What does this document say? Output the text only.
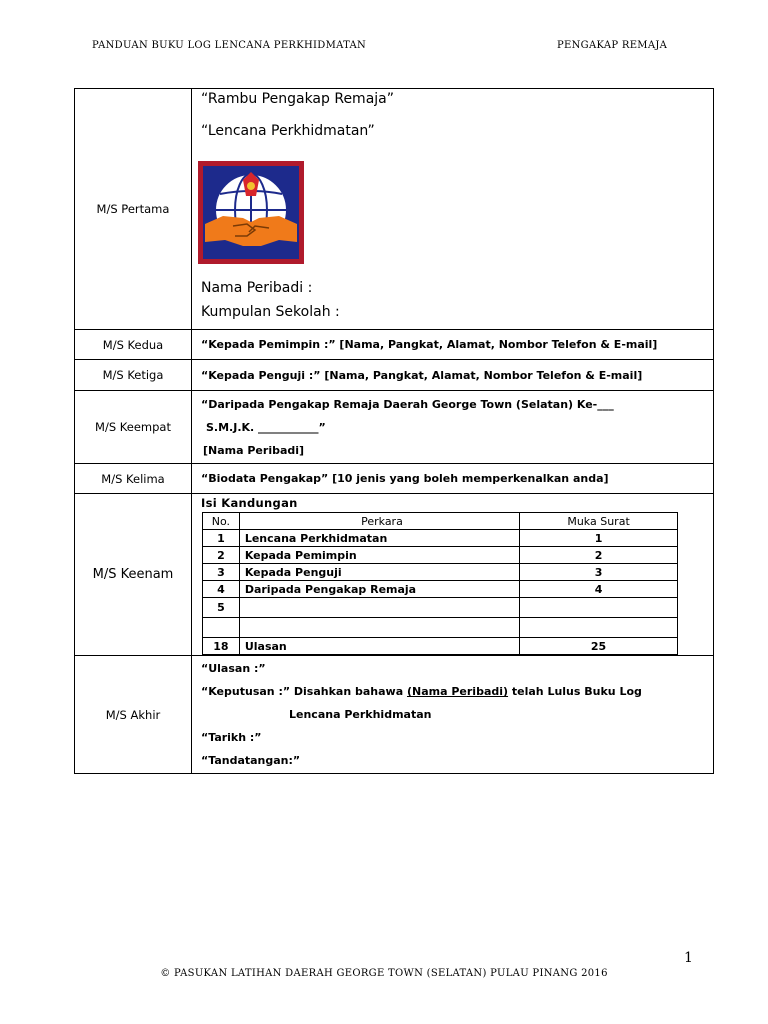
PANDUAN BUKU LOG LENCANA PERKHIDMATAN	PENGAKAP REMAJA
M/S Pertama	
“Rambu Pengakap Remaja”
“Lencana Perkhidmatan”
Nama Peribadi :
Kumpulan Sekolah :

M/S Kedua	“Kepada Pemimpin :” [Nama, Pangkat, Alamat, Nombor Telefon & E-mail]
M/S Ketiga	“Kepada Penguji :” [Nama, Pangkat, Alamat, Nombor Telefon & E-mail]
M/S Keempat	
“Daripada Pengakap Remaja Daerah George Town (Selatan) Ke-___
S.M.J.K. ___________”
[Nama Peribadi]

M/S Kelima	“Biodata Pengakap” [10 jenis yang boleh memperkenalkan anda]
M/S Keenam	
Isi Kandungan
No.	Perkara	Muka Surat
1	Lencana Perkhidmatan	1
2	Kepada Pemimpin	2
3	Kepada Penguji	3
4	Daripada Pengakap Remaja	4
5		

18	Ulasan	25

M/S Akhir	
“Ulasan :”
“Keputusan :” Disahkan bahawa (Nama Peribadi) telah Lulus Buku Log
Lencana Perkhidmatan
“Tarikh :”
“Tandatangan:”
1
© PASUKAN LATIHAN DAERAH GEORGE TOWN (SELATAN) PULAU PINANG 2016
